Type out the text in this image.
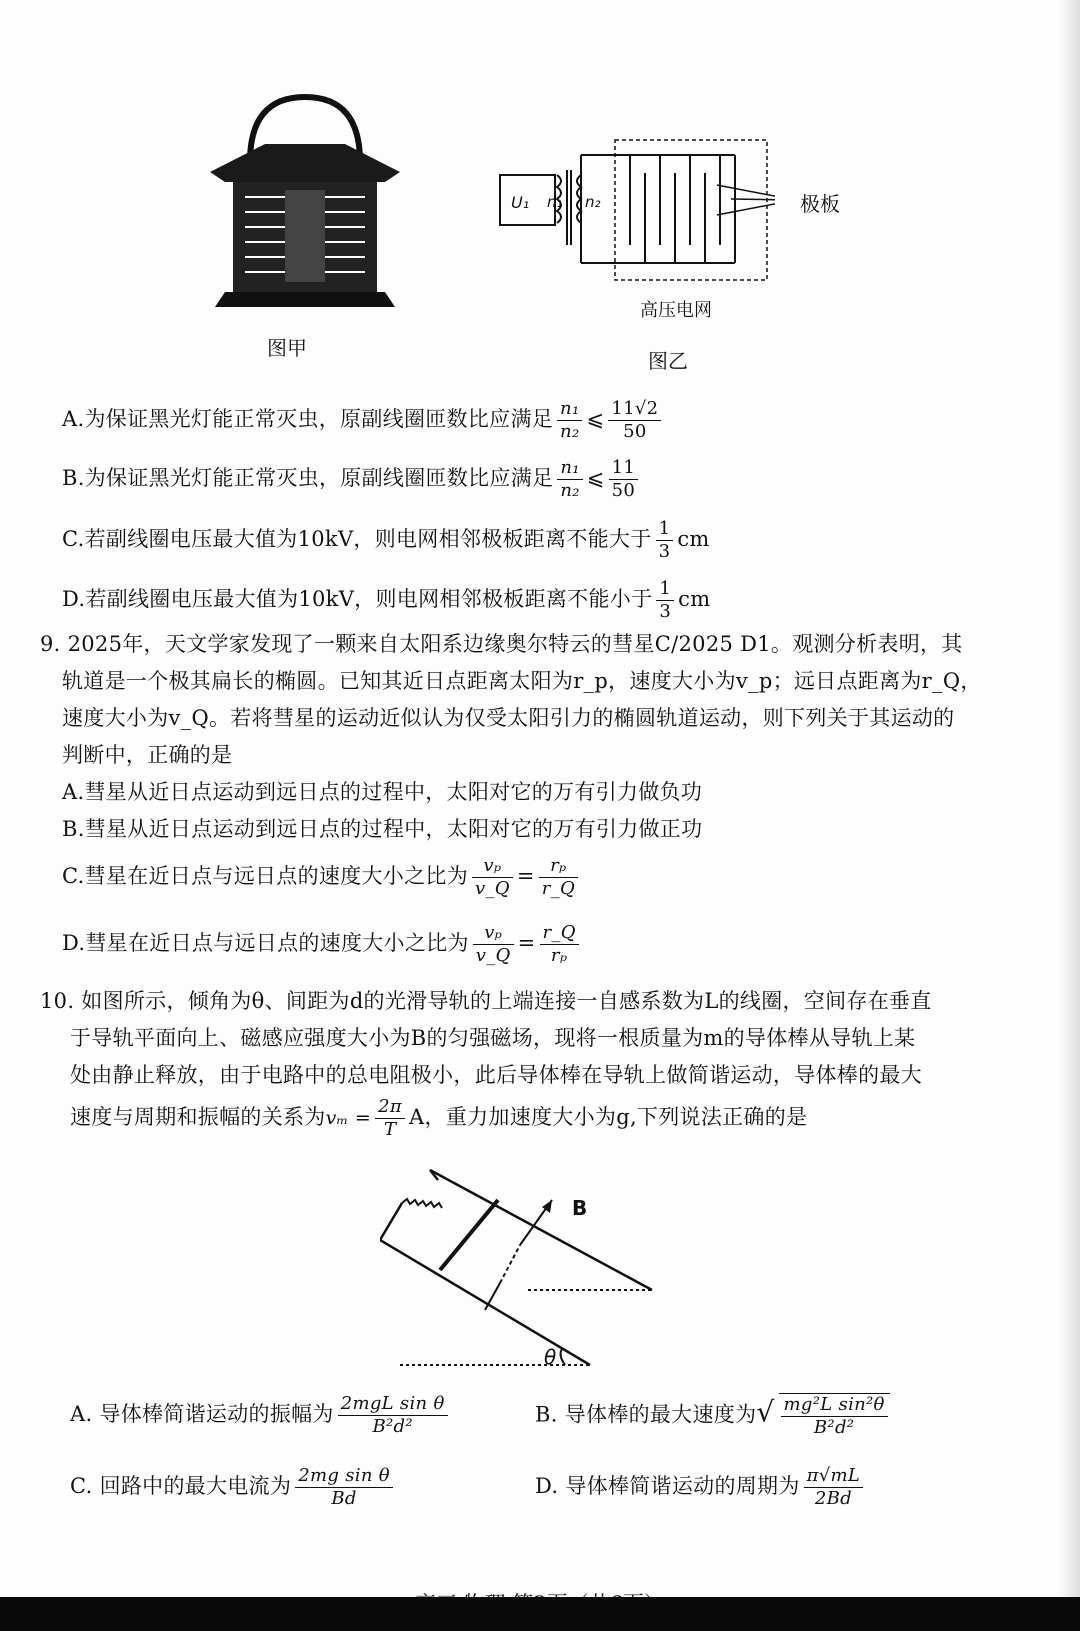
图甲
U₁ n₁ n₂	极板
高压电网
图乙
A.为保证黑光灯能正常灭虫，原副线圈匝数比应满足 $\frac{\text{n₁}}{\text{n₂}}$ ⩽ $\frac{11√2}{50}$
B.为保证黑光灯能正常灭虫，原副线圈匝数比应满足 $\frac{\text{n₁}}{\text{n₂}}$ ⩽ $\frac{11}{50}$
C.若副线圈电压最大值为10kV，则电网相邻极板距离不能大于 $\frac{1}{3}$ cm
D.若副线圈电压最大值为10kV，则电网相邻极板距离不能小于 $\frac{1}{3}$ cm
9. 2025年，天文学家发现了一颗来自太阳系边缘奥尔特云的彗星C/2025 D1。观测分析表明，其
轨道是一个极其扁长的椭圆。已知其近日点距离太阳为r_p，速度大小为v_p；远日点距离为r_Q，
速度大小为v_Q。若将彗星的运动近似认为仅受太阳引力的椭圆轨道运动，则下列关于其运动的
判断中，正确的是
A.彗星从近日点运动到远日点的过程中，太阳对它的万有引力做负功
B.彗星从近日点运动到远日点的过程中，太阳对它的万有引力做正功
C.彗星在近日点与远日点的速度大小之比为 $\frac{\text{vₚ}}{v\_Q} = \frac{\text{rₚ}}{r\_Q}$
D.彗星在近日点与远日点的速度大小之比为 $\frac{\text{vₚ}}{v\_Q} = \frac{r\_Q}{\text{rₚ}}$
10. 如图所示，倾角为θ、间距为d的光滑导轨的上端连接一自感系数为L的线圈，空间存在垂直
于导轨平面向上、磁感应强度大小为B的匀强磁场，现将一根质量为m的导体棒从导轨上某
处由静止释放，由于电路中的总电阻极小，此后导体棒在导轨上做简谐运动，导体棒的最大
速度与周期和振幅的关系为$v_m = \frac{2\pi}{T}$ A，重力加速度大小为g,下列说法正确的是
B
θ
A. 导体棒简谐运动的振幅为 $\frac{\text{2mgL sin θ}}{\text{B²d²}}$	B. 导体棒的最大速度为√ $\frac{\text{mg²L sin²θ}}{\text{B²d²}}$
C. 回路中的最大电流为 $\frac{\text{2mg sin θ}}{Bd}$	D. 导体棒简谐运动的周期为 $\frac{\pi√mL}{2Bd}$
